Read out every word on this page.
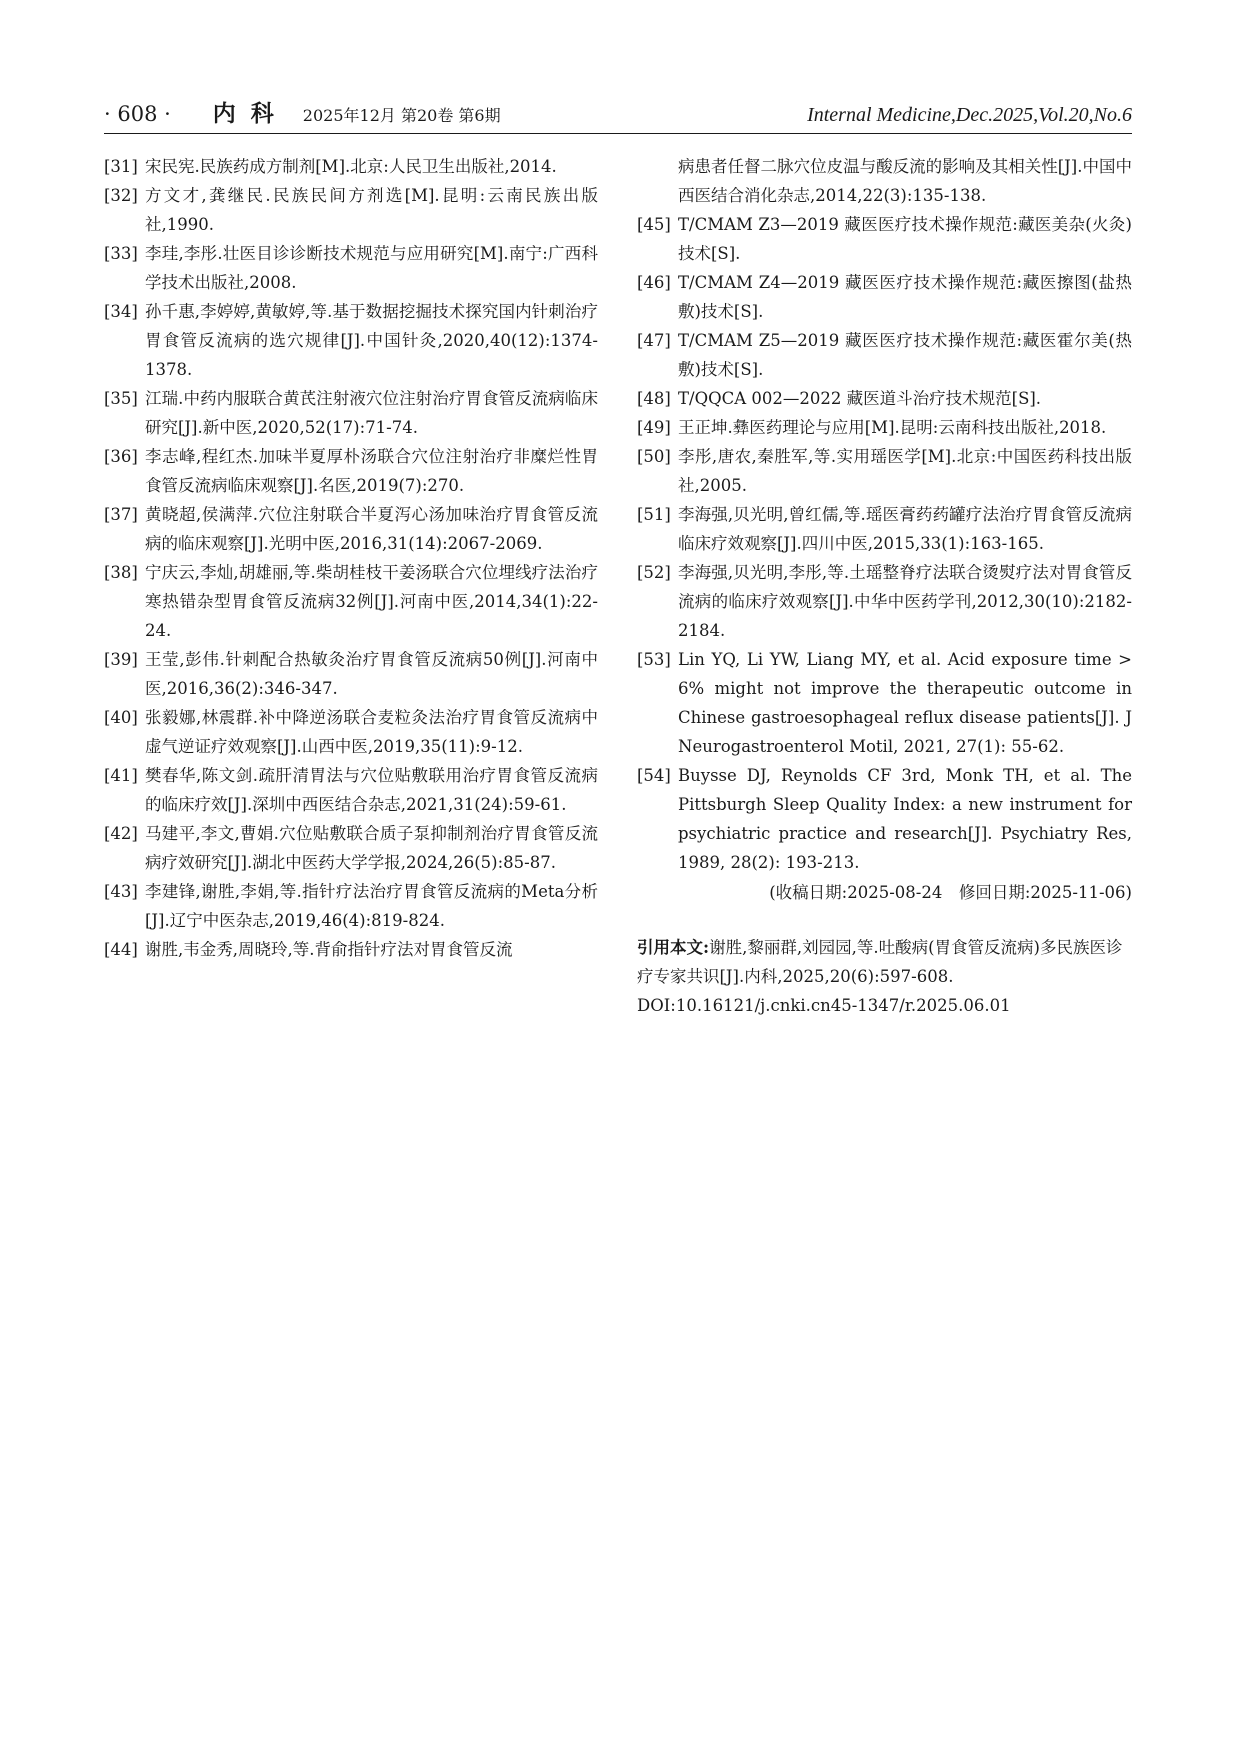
· 608 · 内科 2025年12月 第20卷 第6期	Internal Medicine,Dec.2025,Vol.20,No.6
[31] 宋民宪.民族药成方制剂[M].北京:人民卫生出版社,2014.
[32] 方文才,龚继民.民族民间方剂选[M].昆明:云南民族出版社,1990.
[33] 李珪,李彤.壮医目诊诊断技术规范与应用研究[M].南宁:广西科学技术出版社,2008.
[34] 孙千惠,李婷婷,黄敏婷,等.基于数据挖掘技术探究国内针刺治疗胃食管反流病的选穴规律[J].中国针灸,2020,40(12):1374-1378.
[35] 江瑞.中药内服联合黄芪注射液穴位注射治疗胃食管反流病临床研究[J].新中医,2020,52(17):71-74.
[36] 李志峰,程红杰.加味半夏厚朴汤联合穴位注射治疗非糜烂性胃食管反流病临床观察[J].名医,2019(7):270.
[37] 黄晓超,侯满萍.穴位注射联合半夏泻心汤加味治疗胃食管反流病的临床观察[J].光明中医,2016,31(14):2067-2069.
[38] 宁庆云,李灿,胡雄丽,等.柴胡桂枝干姜汤联合穴位埋线疗法治疗寒热错杂型胃食管反流病32例[J].河南中医,2014,34(1):22-24.
[39] 王莹,彭伟.针刺配合热敏灸治疗胃食管反流病50例[J].河南中医,2016,36(2):346-347.
[40] 张毅娜,林震群.补中降逆汤联合麦粒灸法治疗胃食管反流病中虚气逆证疗效观察[J].山西中医,2019,35(11):9-12.
[41] 樊春华,陈文剑.疏肝清胃法与穴位贴敷联用治疗胃食管反流病的临床疗效[J].深圳中西医结合杂志,2021,31(24):59-61.
[42] 马建平,李文,曹娟.穴位贴敷联合质子泵抑制剂治疗胃食管反流病疗效研究[J].湖北中医药大学学报,2024,26(5):85-87.
[43] 李建锋,谢胜,李娟,等.指针疗法治疗胃食管反流病的Meta分析[J].辽宁中医杂志,2019,46(4):819-824.
[44] 谢胜,韦金秀,周晓玲,等.背俞指针疗法对胃食管反流
病患者任督二脉穴位皮温与酸反流的影响及其相关性[J].中国中西医结合消化杂志,2014,22(3):135-138.
[45] T/CMAM Z3—2019 藏医医疗技术操作规范:藏医美杂(火灸)技术[S].
[46] T/CMAM Z4—2019 藏医医疗技术操作规范:藏医擦图(盐热敷)技术[S].
[47] T/CMAM Z5—2019 藏医医疗技术操作规范:藏医霍尔美(热敷)技术[S].
[48] T/QQCA 002—2022 藏医道斗治疗技术规范[S].
[49] 王正坤.彝医药理论与应用[M].昆明:云南科技出版社,2018.
[50] 李彤,唐农,秦胜军,等.实用瑶医学[M].北京:中国医药科技出版社,2005.
[51] 李海强,贝光明,曾红儒,等.瑶医膏药药罐疗法治疗胃食管反流病临床疗效观察[J].四川中医,2015,33(1):163-165.
[52] 李海强,贝光明,李彤,等.土瑶整脊疗法联合烫熨疗法对胃食管反流病的临床疗效观察[J].中华中医药学刊,2012,30(10):2182-2184.
[53] Lin YQ, Li YW, Liang MY, et al. Acid exposure time > 6% might not improve the therapeutic outcome in Chinese gastroesophageal reflux disease patients[J]. J Neurogastroenterol Motil, 2021, 27(1): 55-62.
[54] Buysse DJ, Reynolds CF 3rd, Monk TH, et al. The Pittsburgh Sleep Quality Index: a new instrument for psychiatric practice and research[J]. Psychiatry Res, 1989, 28(2): 193-213.
(收稿日期:2025-08-24　修回日期:2025-11-06)
引用本文:谢胜,黎丽群,刘园园,等.吐酸病(胃食管反流病)多民族医诊疗专家共识[J].内科,2025,20(6):597-608.
DOI:10.16121/j.cnki.cn45-1347/r.2025.06.01
